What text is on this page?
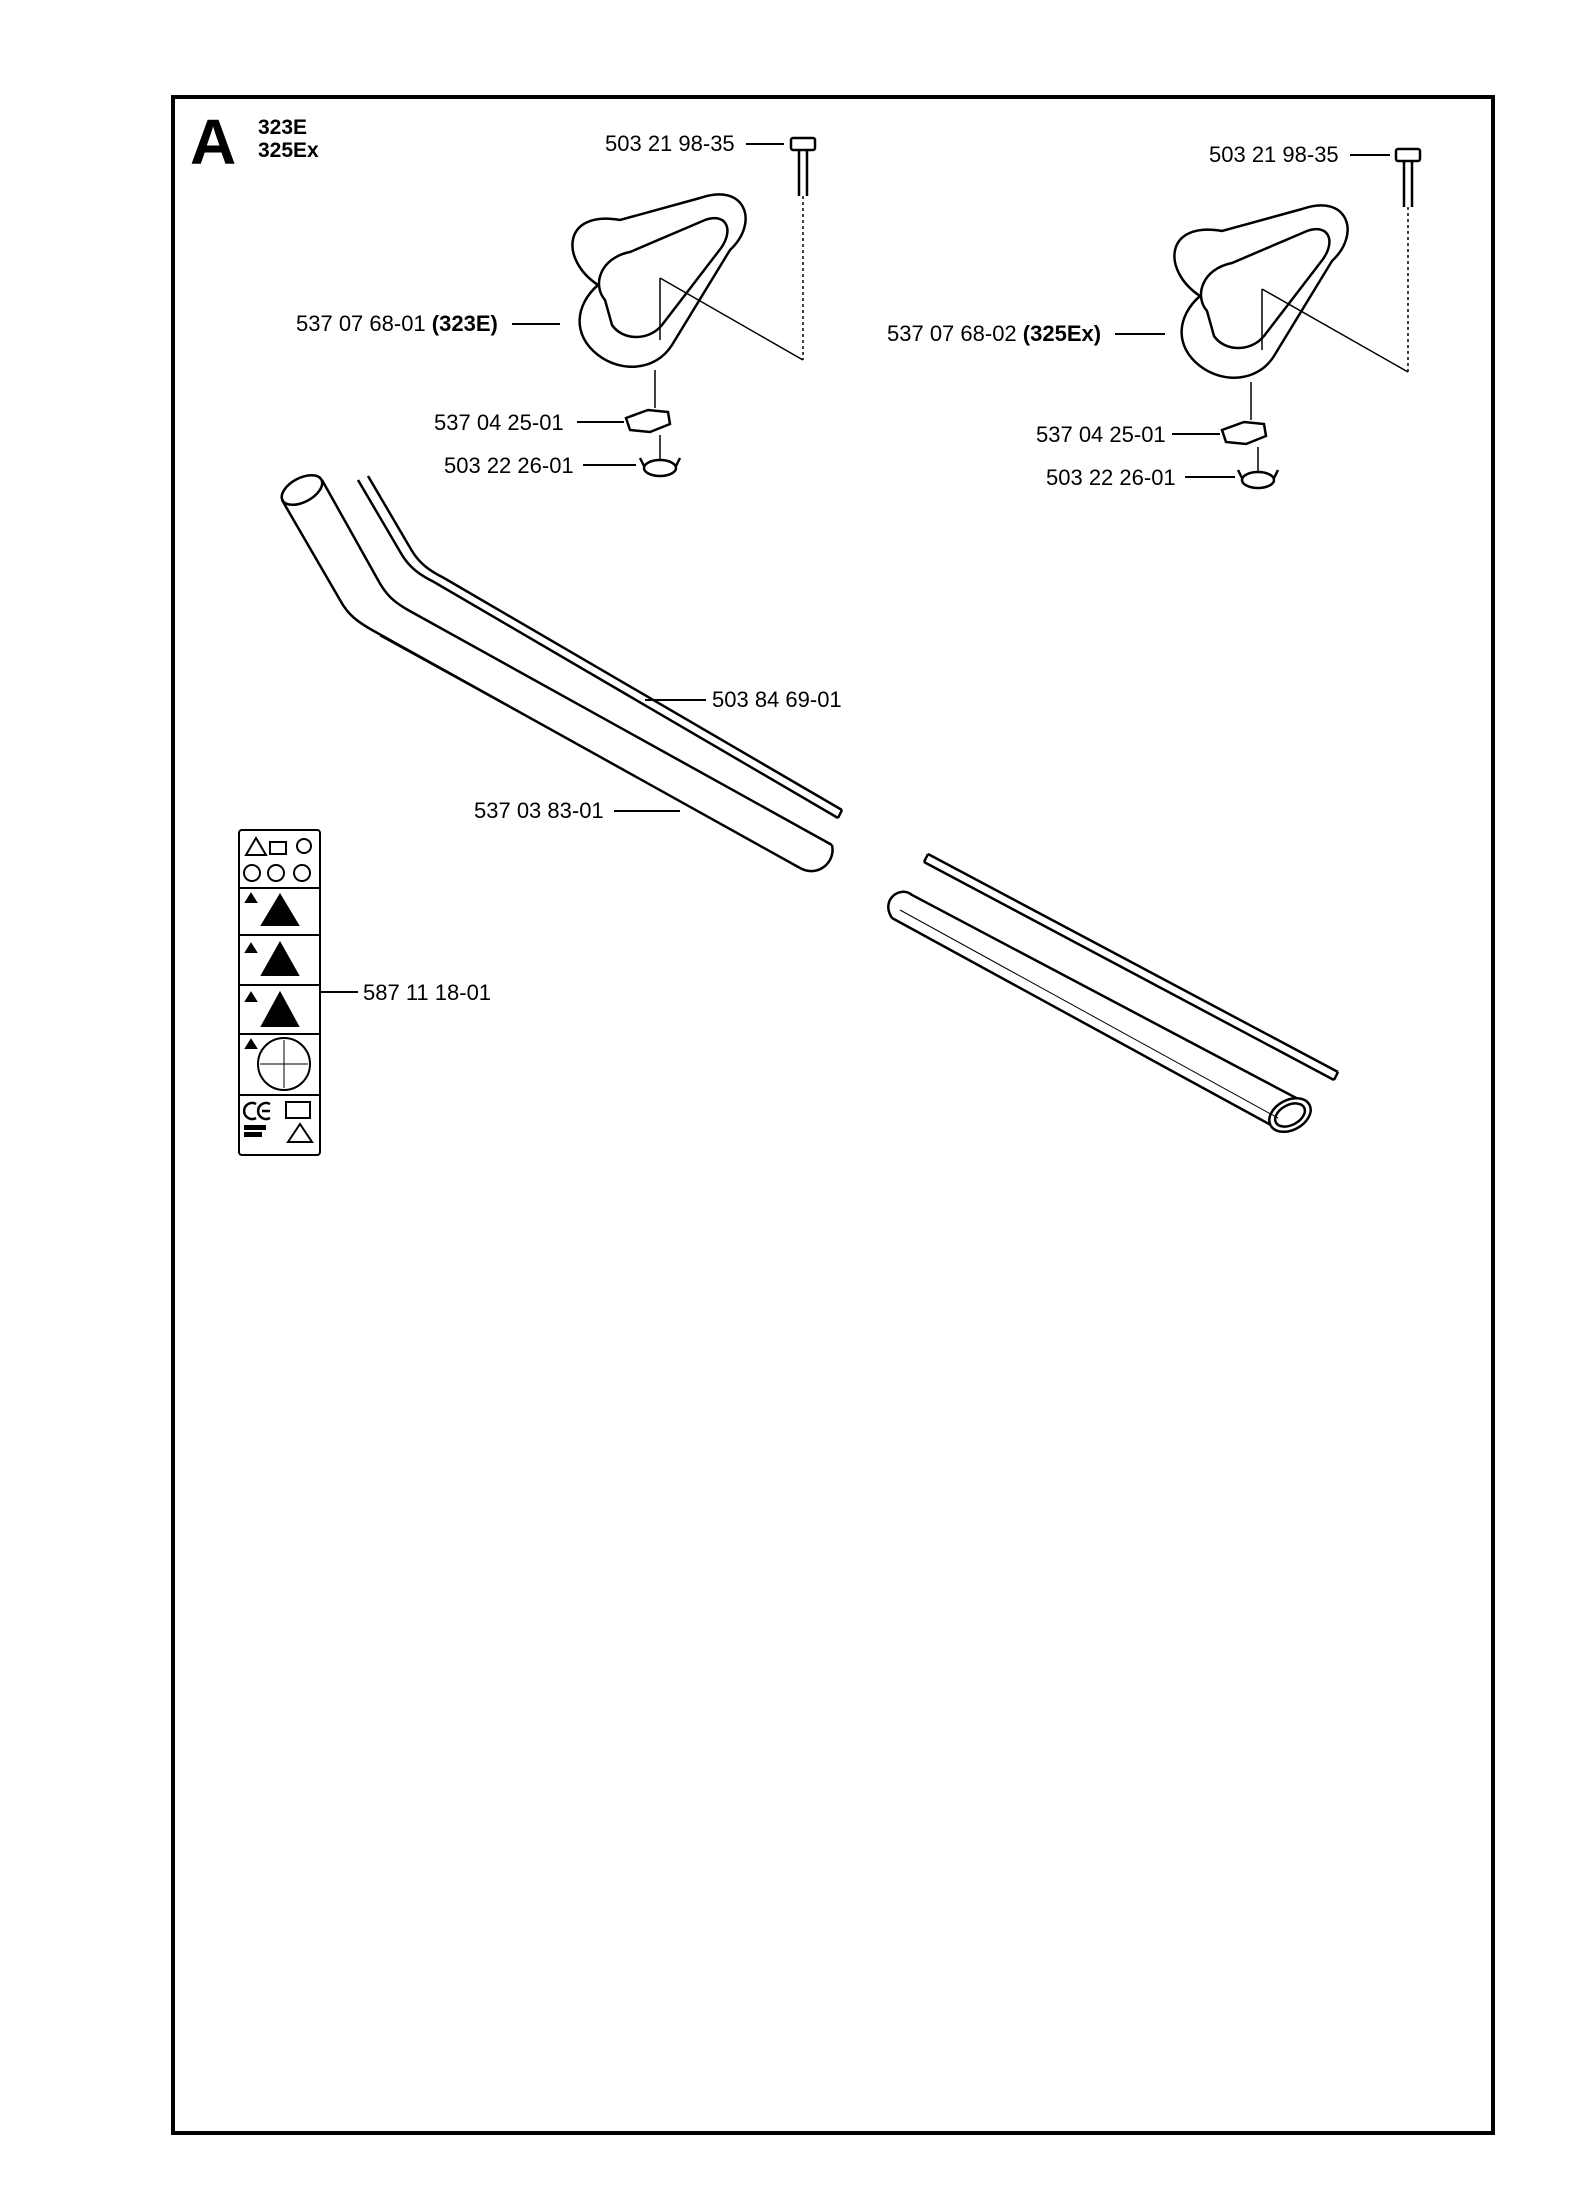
A 323E
325Ex	503 21 98-35	503 21 98-35
537 07 68-01 (323E)	537 07 68-02 (325Ex)
537 04 25-01	537 04 25-01
503 22 26-01	503 22 26-01
503 84 69-01
537 03 83-01
587 11 18-01
